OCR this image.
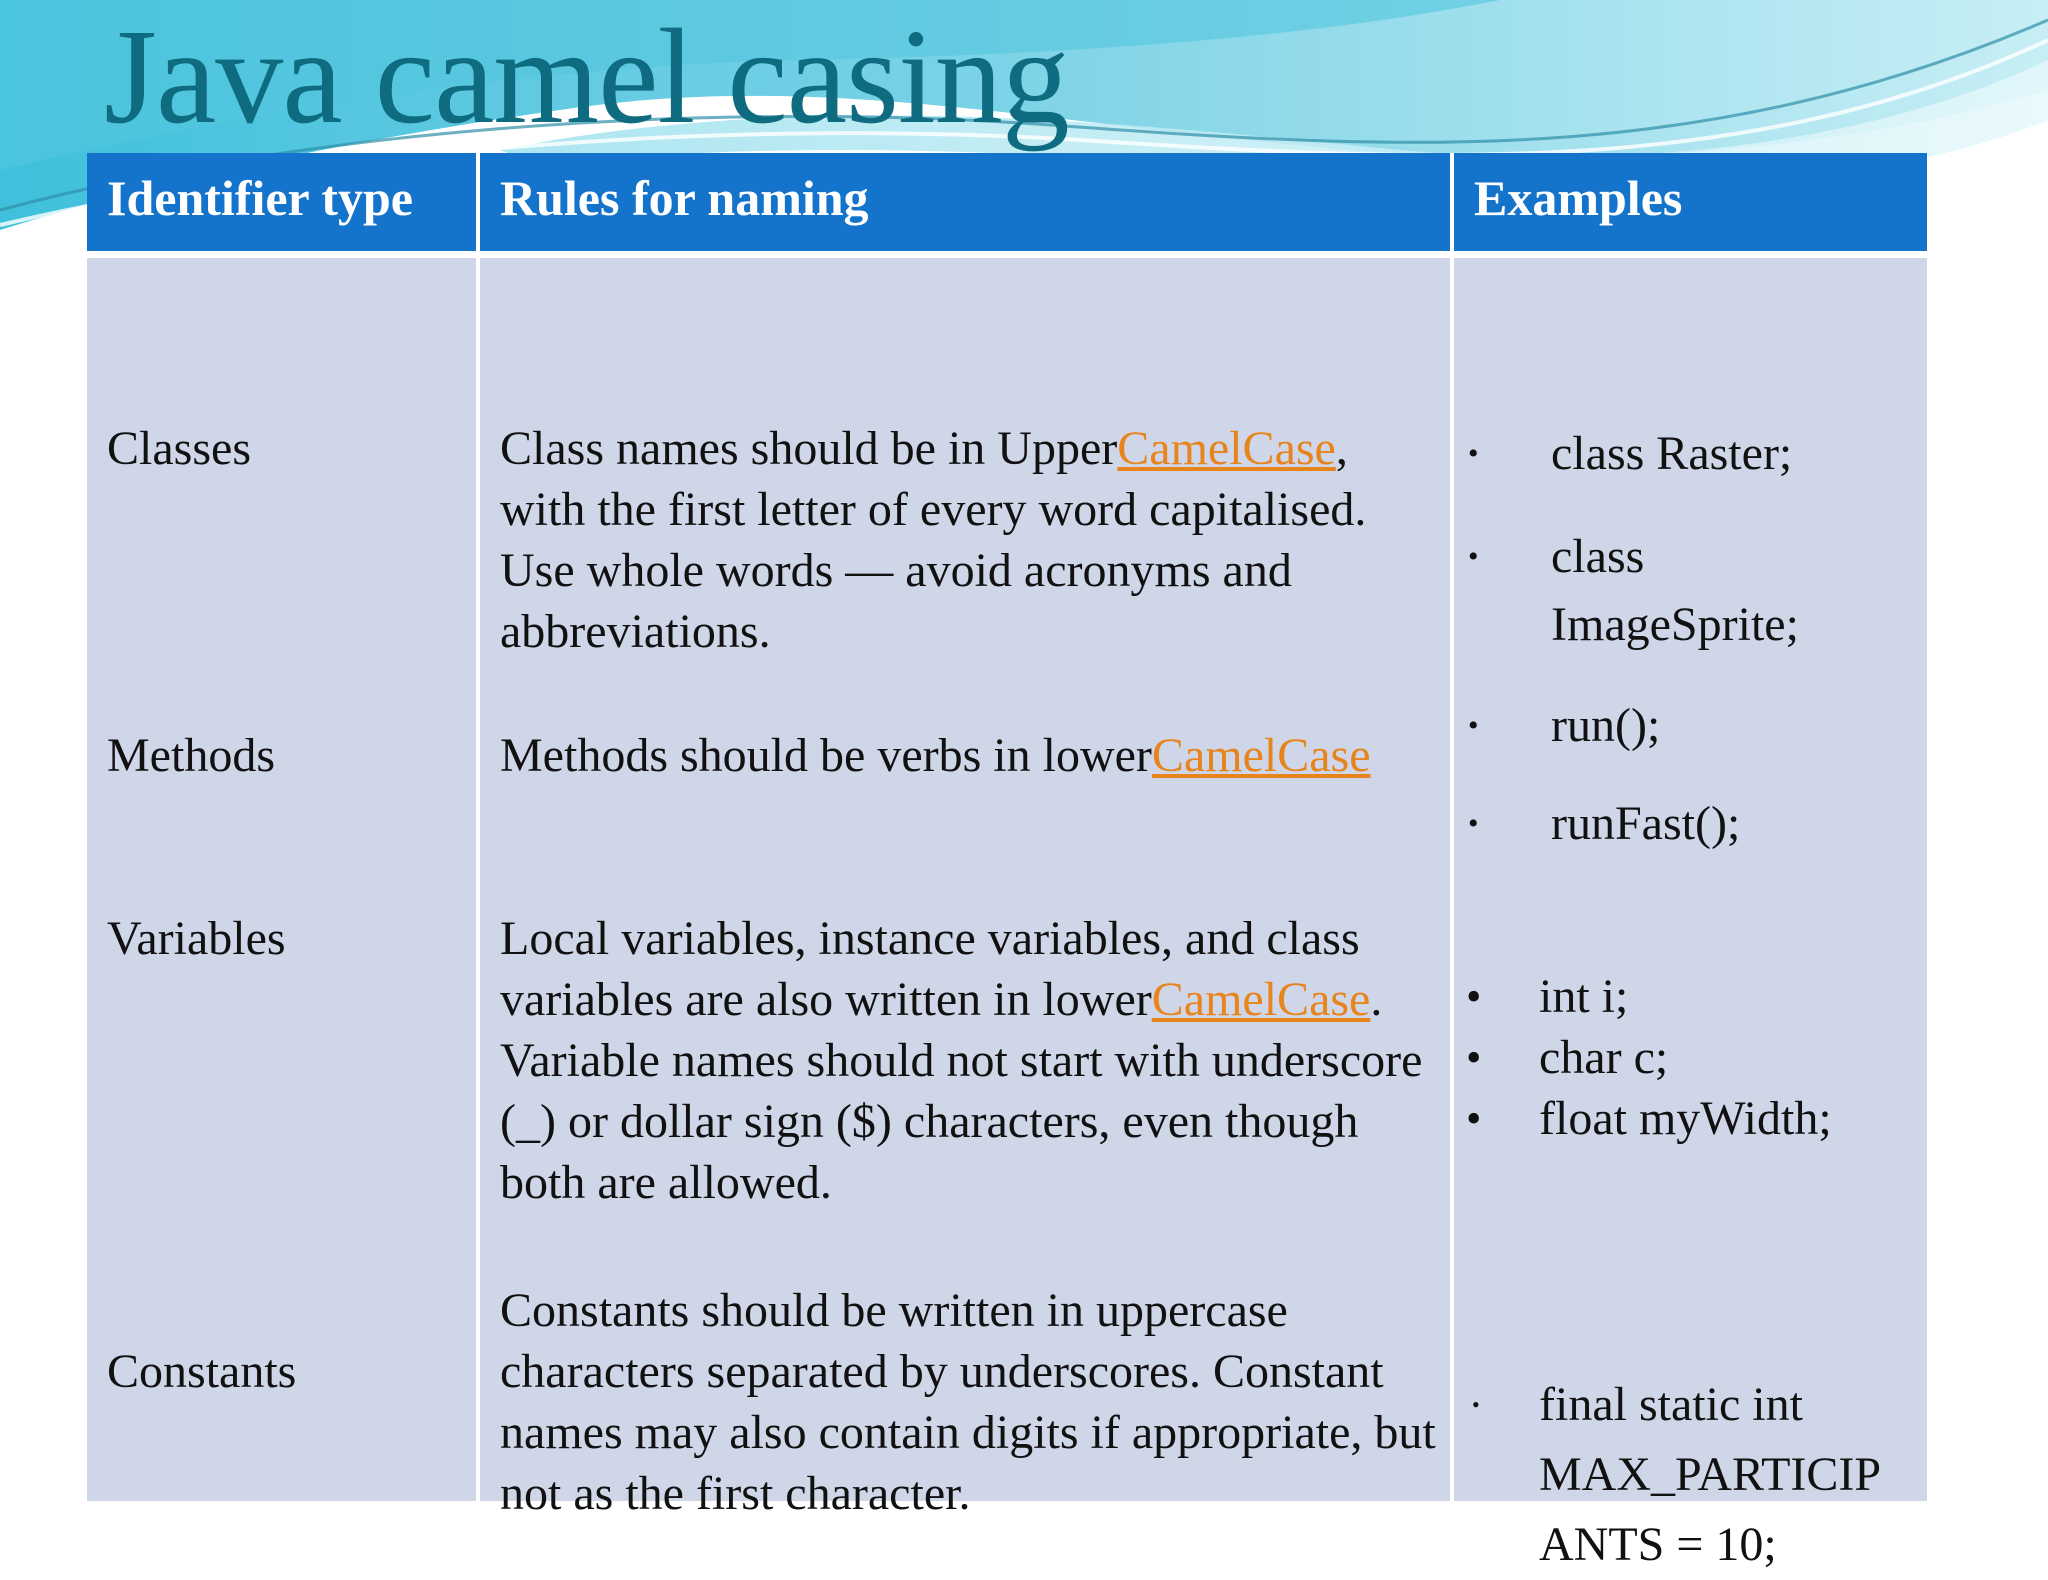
Java camel casing
Identifier type Rules for naming	Examples

Classes

Methods

Variables

Constants

Class names should be in UpperCamelCase, with the first letter of every word capitalised. Use whole words — avoid acronyms and abbreviations.

Methods should be verbs in lowerCamelCase

Local variables, instance variables, and class variables are also written in lowerCamelCase. Variable names should not start with underscore (_) or dollar sign ($) characters, even though both are allowed.

Constants should be written in uppercase characters separated by underscores. Constant names may also contain digits if appropriate, but not as the first character.

• class Raster;
• class
ImageSprite;
• run();
• runFast();
• int i;
• char c;
• float myWidth;
• final static int
MAX_PARTICIP
ANTS = 10;
